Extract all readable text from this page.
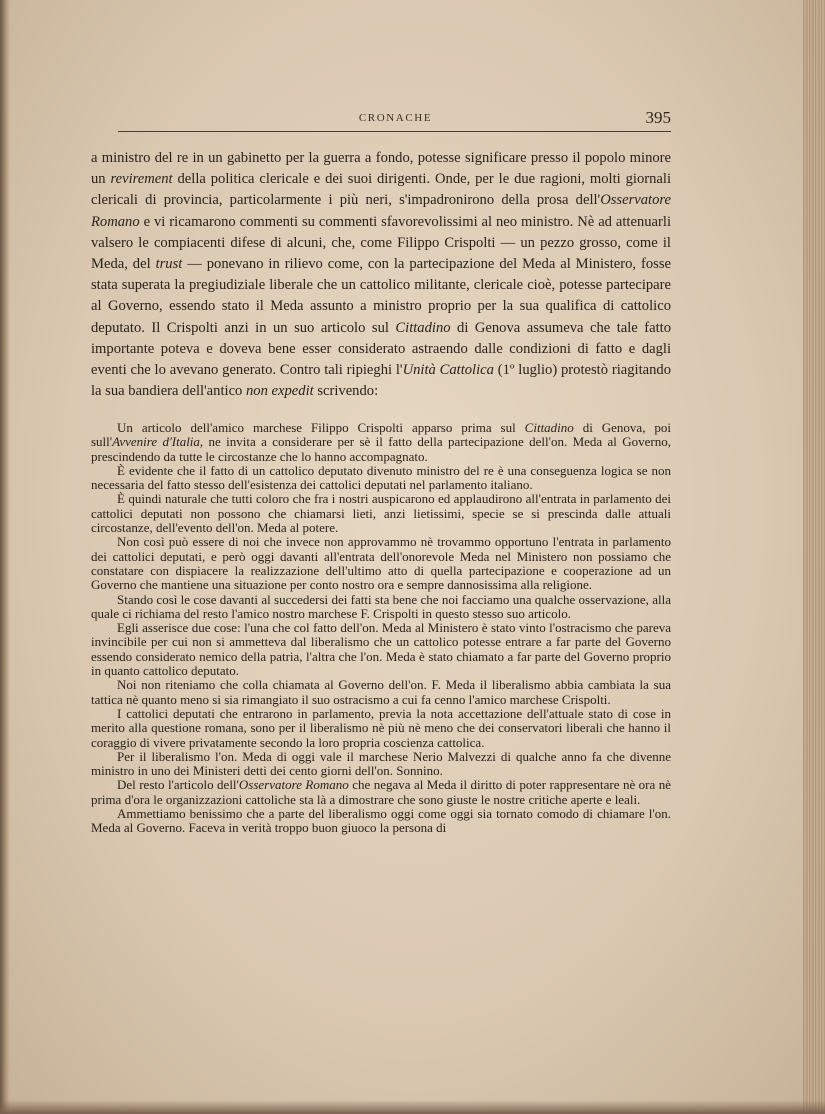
CRONACHE	395

a ministro del re in un gabinetto per la guerra a fondo, potesse significare presso il popolo minore un revirement della politica clericale e dei suoi dirigenti. Onde, per le due ragioni, molti giornali clericali di provincia, particolarmente i più neri, s'impadronirono della prosa dell'Osservatore Romano e vi ricamarono commenti su commenti sfavorevolissimi al neo ministro. Nè ad attenuarli valsero le compiacenti difese di alcuni, che, come Filippo Crispolti — un pezzo grosso, come il Meda, del trust — ponevano in rilievo come, con la partecipazione del Meda al Ministero, fosse stata superata la pregiudiziale liberale che un cattolico militante, clericale cioè, potesse partecipare al Governo, essendo stato il Meda assunto a ministro proprio per la sua qualifica di cattolico deputato. Il Crispolti anzi in un suo articolo sul Cittadino di Genova assumeva che tale fatto importante poteva e doveva bene esser considerato astraendo dalle condizioni di fatto e dagli eventi che lo avevano generato. Contro tali ripieghi l'Unità Cattolica (1º luglio) protestò riagitando la sua bandiera dell'antico non expedit scrivendo:

Un articolo dell'amico marchese Filippo Crispolti apparso prima sul Cittadino di Genova, poi sull'Avvenire d'Italia, ne invita a considerare per sè il fatto della partecipazione dell'on. Meda al Governo, prescindendo da tutte le circostanze che lo hanno accompagnato.

È evidente che il fatto di un cattolico deputato divenuto ministro del re è una conseguenza logica se non necessaria del fatto stesso dell'esistenza dei cattolici deputati nel parlamento italiano.

È quindi naturale che tutti coloro che fra i nostri auspicarono ed applaudirono all'entrata in parlamento dei cattolici deputati non possono che chiamarsi lieti, anzi lietissimi, specie se si prescinda dalle attuali circostanze, dell'evento dell'on. Meda al potere.

Non così può essere di noi che invece non approvammo nè trovammo opportuno l'entrata in parlamento dei cattolici deputati, e però oggi davanti all'entrata dell'onorevole Meda nel Ministero non possiamo che constatare con dispiacere la realizzazione dell'ultimo atto di quella partecipazione e cooperazione ad un Governo che mantiene una situazione per conto nostro ora e sempre dannosissima alla religione.

Stando così le cose davanti al succedersi dei fatti sta bene che noi facciamo una qualche osservazione, alla quale ci richiama del resto l'amico nostro marchese F. Crispolti in questo stesso suo articolo.

Egli asserisce due cose: l'una che col fatto dell'on. Meda al Ministero è stato vinto l'ostracismo che pareva invincibile per cui non si ammetteva dal liberalismo che un cattolico potesse entrare a far parte del Governo essendo considerato nemico della patria, l'altra che l'on. Meda è stato chiamato a far parte del Governo proprio in quanto cattolico deputato.

Noi non riteniamo che colla chiamata al Governo dell'on. F. Meda il liberalismo abbia cambiata la sua tattica nè quanto meno si sia rimangiato il suo ostracismo a cui fa cenno l'amico marchese Crispolti.

I cattolici deputati che entrarono in parlamento, previa la nota accettazione dell'attuale stato di cose in merito alla questione romana, sono per il liberalismo nè più nè meno che dei conservatori liberali che hanno il coraggio di vivere privatamente secondo la loro propria coscienza cattolica.

Per il liberalismo l'on. Meda di oggi vale il marchese Nerio Malvezzi di qualche anno fa che divenne ministro in uno dei Ministeri detti dei cento giorni dell'on. Sonnino.

Del resto l'articolo dell'Osservatore Romano che negava al Meda il diritto di poter rappresentare nè ora nè prima d'ora le organizzazioni cattoliche sta là a dimostrare che sono giuste le nostre critiche aperte e leali.

Ammettiamo benissimo che a parte del liberalismo oggi come oggi sia tornato comodo di chiamare l'on. Meda al Governo. Faceva in verità troppo buon giuoco la persona di
